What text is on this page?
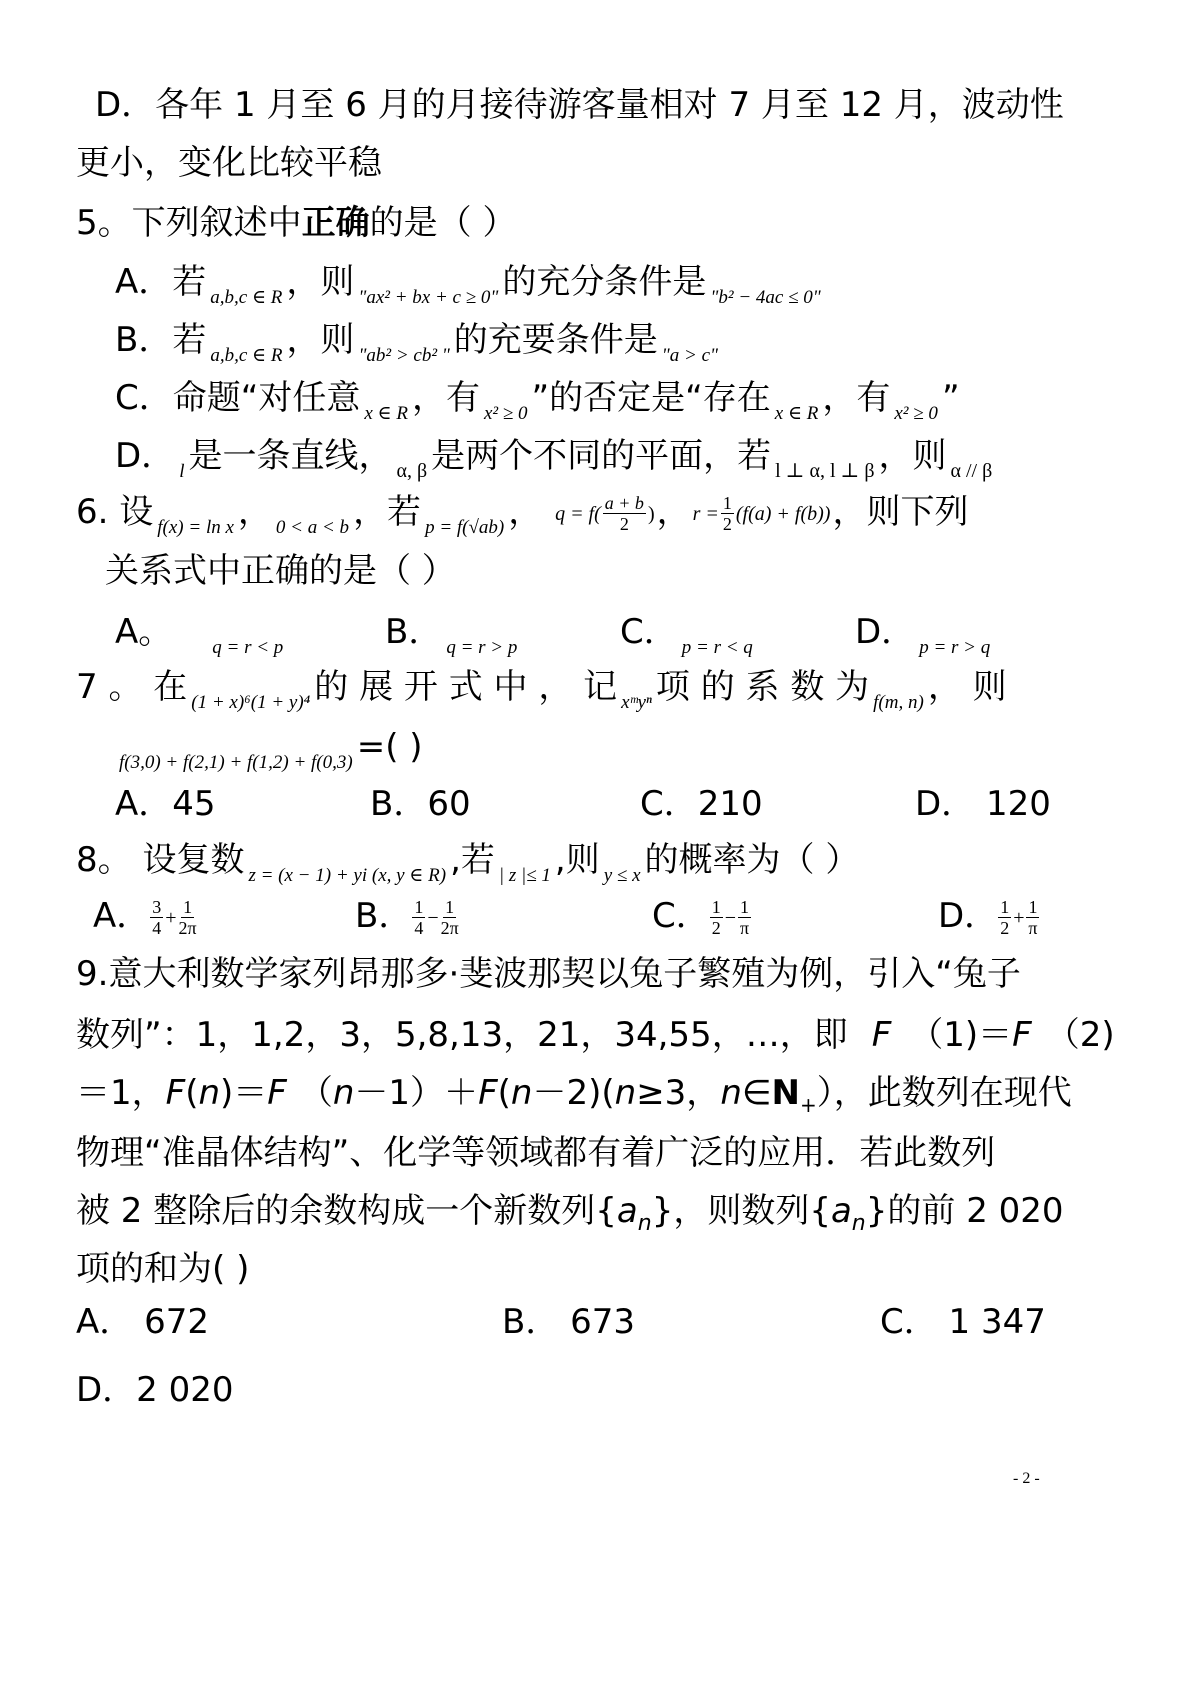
D．各年 1 月至 6 月的月接待游客量相对 7 月至 12 月，波动性
更小，变化比较平稳
5。下列叙述中正确的是（ ）
A．若 a,b,c ∈ R ，则 "ax² + bx + c ≥ 0" 的充分条件是 "b² − 4ac ≤ 0"
B．若 a,b,c ∈ R ，则 "ab² > cb² " 的充要条件是 "a > c"
C．命题“对任意 x ∈ R ，有 x² ≥ 0 ”的否定是“存在 x ∈ R ，有 x² ≥ 0 ”
D． l 是一条直线， α, β 是两个不同的平面，若 l ⊥ α, l ⊥ β ，则 α // β
6. 设 f(x) = ln x ， 0 < a < b ，若 p = f(√ab) ， $q = f( \frac{a + b}{2}$ ) ， $r = \frac{1}{2} (f(a) + f(b))$ ，则下列
关系式中正确的是（ ）
A。 q = r < p	B． q = r > p	C． p = r < q	D． p = r > q
7 。 在 (1 + x)⁶(1 + y)⁴ 的 展 开 式 中 ， 记 xᵐyⁿ 项 的 系 数 为 f(m, n) ， 则
f(3,0) + f(2,1) + f(1,2) + f(0,3) =( )
A．45	B．60	C．210	D． 120
8。 设复数 z = (x − 1) + yi (x, y ∈ R) ,若 | z |≤ 1 ,则 y ≤ x 的概率为（ ）
A． $\frac{3}{4} + \frac{1}{2\pi}$	B． $\frac{1}{4} - \frac{1}{2\pi}$	C． $\frac{1}{2} - \frac{1}{\pi}$	D． $\frac{1}{2} + \frac{1}{\pi}$
9.意大利数学家列昂那多·斐波那契以兔子繁殖为例，引入“兔子
数列”：1，1,2，3，5,8,13，21，34,55，…，即 F （1)＝F （2)
＝1，F(n)＝F （n－1）＋F(n－2)(n≥3，$n\in N_+$），此数列在现代
物理“准晶体结构”、化学等领域都有着广泛的应用．若此数列
被 2 整除后的余数构成一个新数列$\{a_n\}$，则数列$\{a_n\}$的前 2 020
项的和为( )
A． 672	B． 673	C． 1 347
D．2 020
- 2 -
